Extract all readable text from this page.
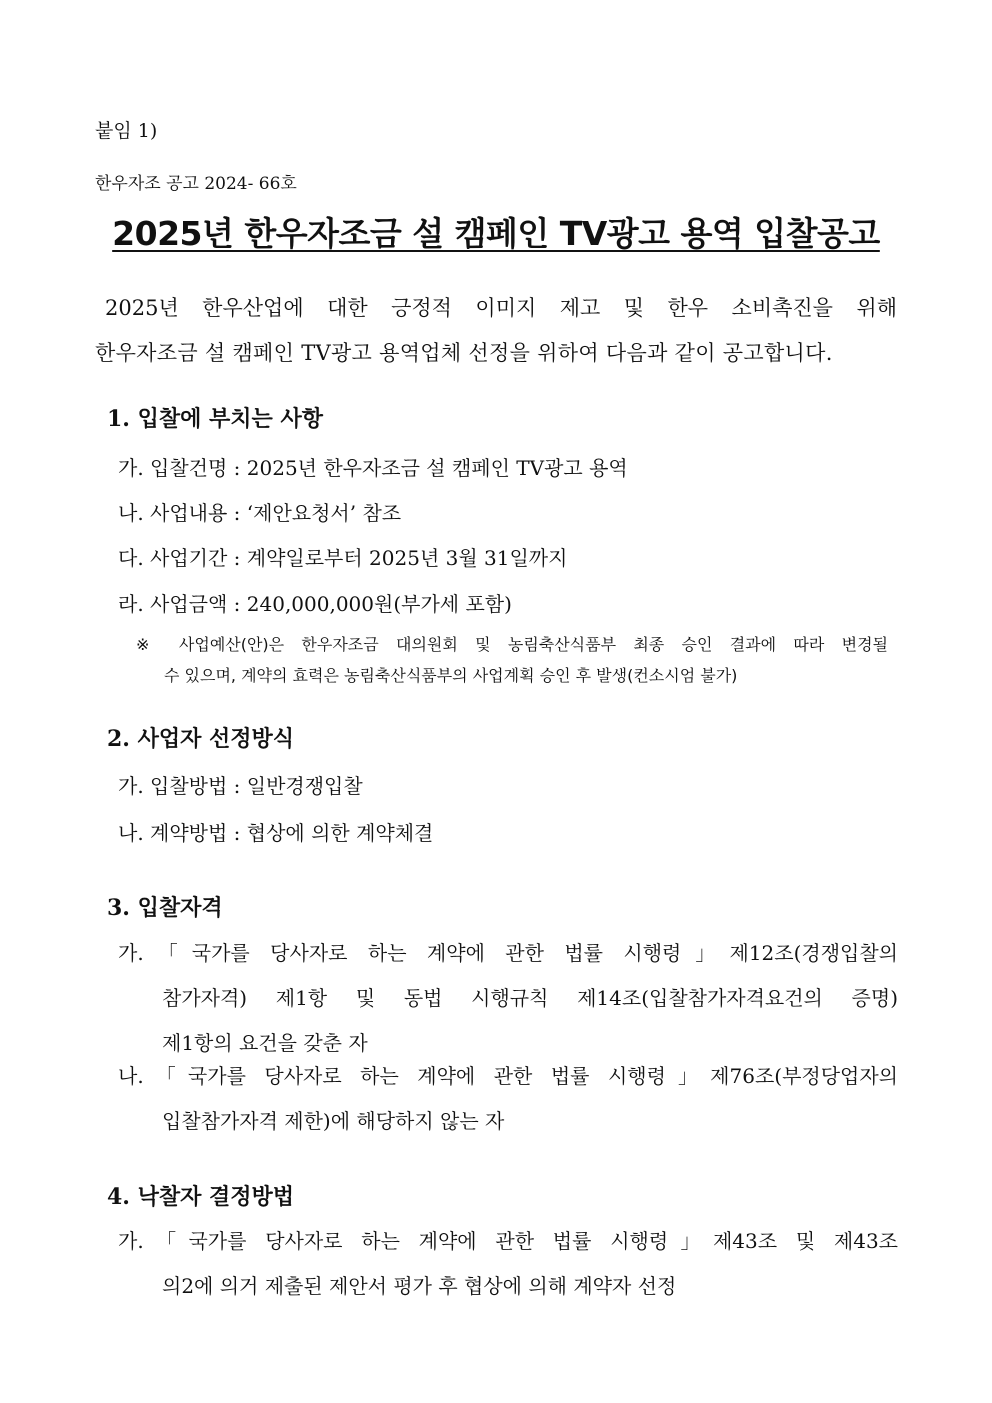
붙임 1)
한우자조 공고 2024- 66호
2025년 한우자조금 설 캠페인 TV광고 용역 입찰공고
2025년 한우산업에 대한 긍정적 이미지 제고 및 한우 소비촉진을 위해
한우자조금 설 캠페인 TV광고 용역업체 선정을 위하여 다음과 같이 공고합니다.
1. 입찰에 부치는 사항
가. 입찰건명 : 2025년 한우자조금 설 캠페인 TV광고 용역
나. 사업내용 : ‘제안요청서’ 참조
다. 사업기간 : 계약일로부터 2025년 3월 31일까지
라. 사업금액 : 240,000,000원(부가세 포함)
※ 사업예산(안)은 한우자조금 대의원회 및 농림축산식품부 최종 승인 결과에 따라 변경될
수 있으며, 계약의 효력은 농림축산식품부의 사업계획 승인 후 발생(컨소시엄 불가)
2. 사업자 선정방식
가. 입찰방법 : 일반경쟁입찰
나. 계약방법 : 협상에 의한 계약체결
3. 입찰자격
가.「국가를 당사자로 하는 계약에 관한 법률 시행령」제12조(경쟁입찰의
참가자격) 제1항 및 동법 시행규칙 제14조(입찰참가자격요건의 증명)
제1항의 요건을 갖춘 자
나.「국가를 당사자로 하는 계약에 관한 법률 시행령」제76조(부정당업자의
입찰참가자격 제한)에 해당하지 않는 자
4. 낙찰자 결정방법
가.「국가를 당사자로 하는 계약에 관한 법률 시행령」제43조 및 제43조
의2에 의거 제출된 제안서 평가 후 협상에 의해 계약자 선정
